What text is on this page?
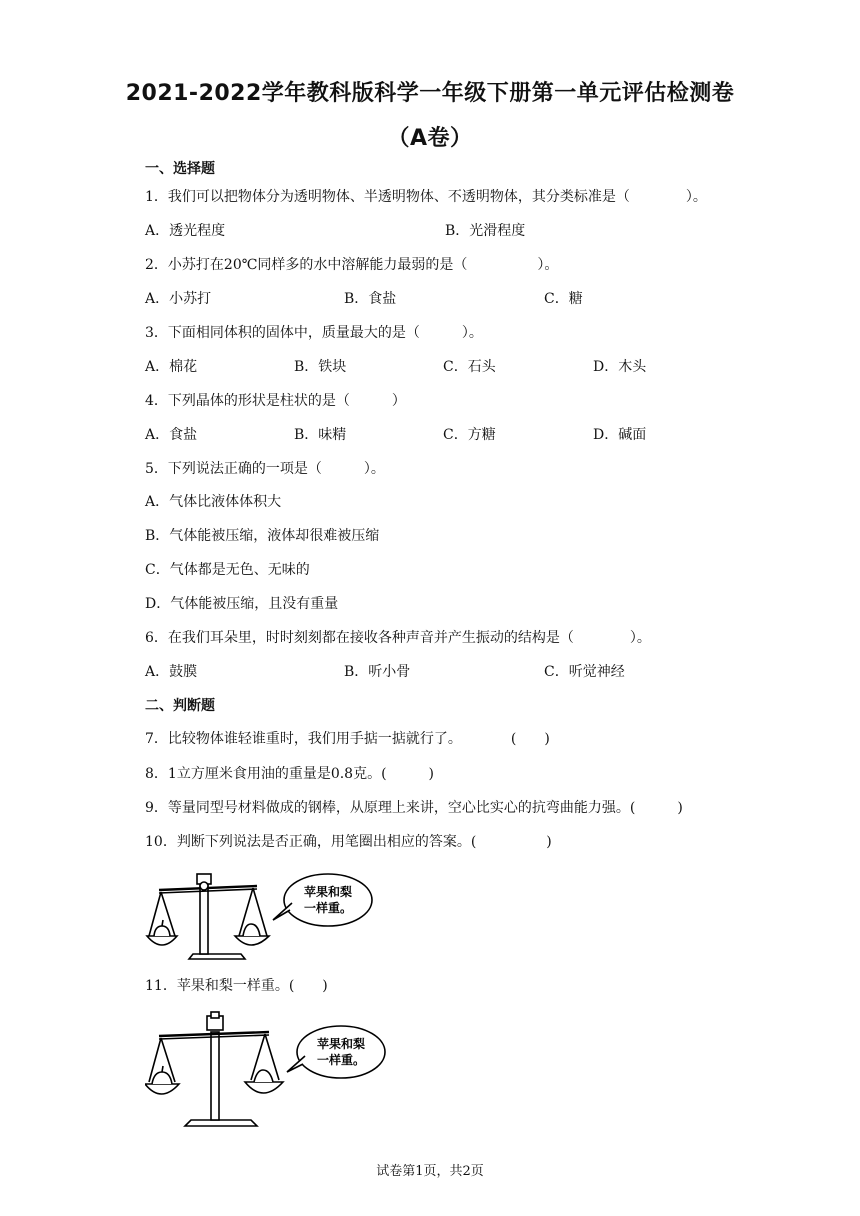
2021-2022学年教科版科学一年级下册第一单元评估检测卷
（A卷）
一、选择题
1．我们可以把物体分为透明物体、半透明物体、不透明物体，其分类标准是（　　　　）。
A．透光程度	B．光滑程度
2．小苏打在20℃同样多的水中溶解能力最弱的是（　　　　　）。
A．小苏打	B．食盐	C．糖
3．下面相同体积的固体中，质量最大的是（　　　）。
A．棉花	B．铁块	C．石头	D．木头
4．下列晶体的形状是柱状的是（　　　）
A．食盐	B．味精	C．方糖	D．碱面
5．下列说法正确的一项是（　　　）。
A．气体比液体体积大
B．气体能被压缩，液体却很难被压缩
C．气体都是无色、无味的
D．气体能被压缩，且没有重量
6．在我们耳朵里，时时刻刻都在接收各种声音并产生振动的结构是（　　　　）。
A．鼓膜	B．听小骨	C．听觉神经
二、判断题
7．比较物体谁轻谁重时，我们用手掂一掂就行了。　　　　(　　)
8．1立方厘米食用油的重量是0.8克。(　　　)
9．等量同型号材料做成的钢棒，从原理上来讲，空心比实心的抗弯曲能力强。(　　　)
10．判断下列说法是否正确，用笔圈出相应的答案。(　　　　　)
苹果和梨
一样重。
11．苹果和梨一样重。(　　)
苹果和梨
一样重。
试卷第1页，共2页
